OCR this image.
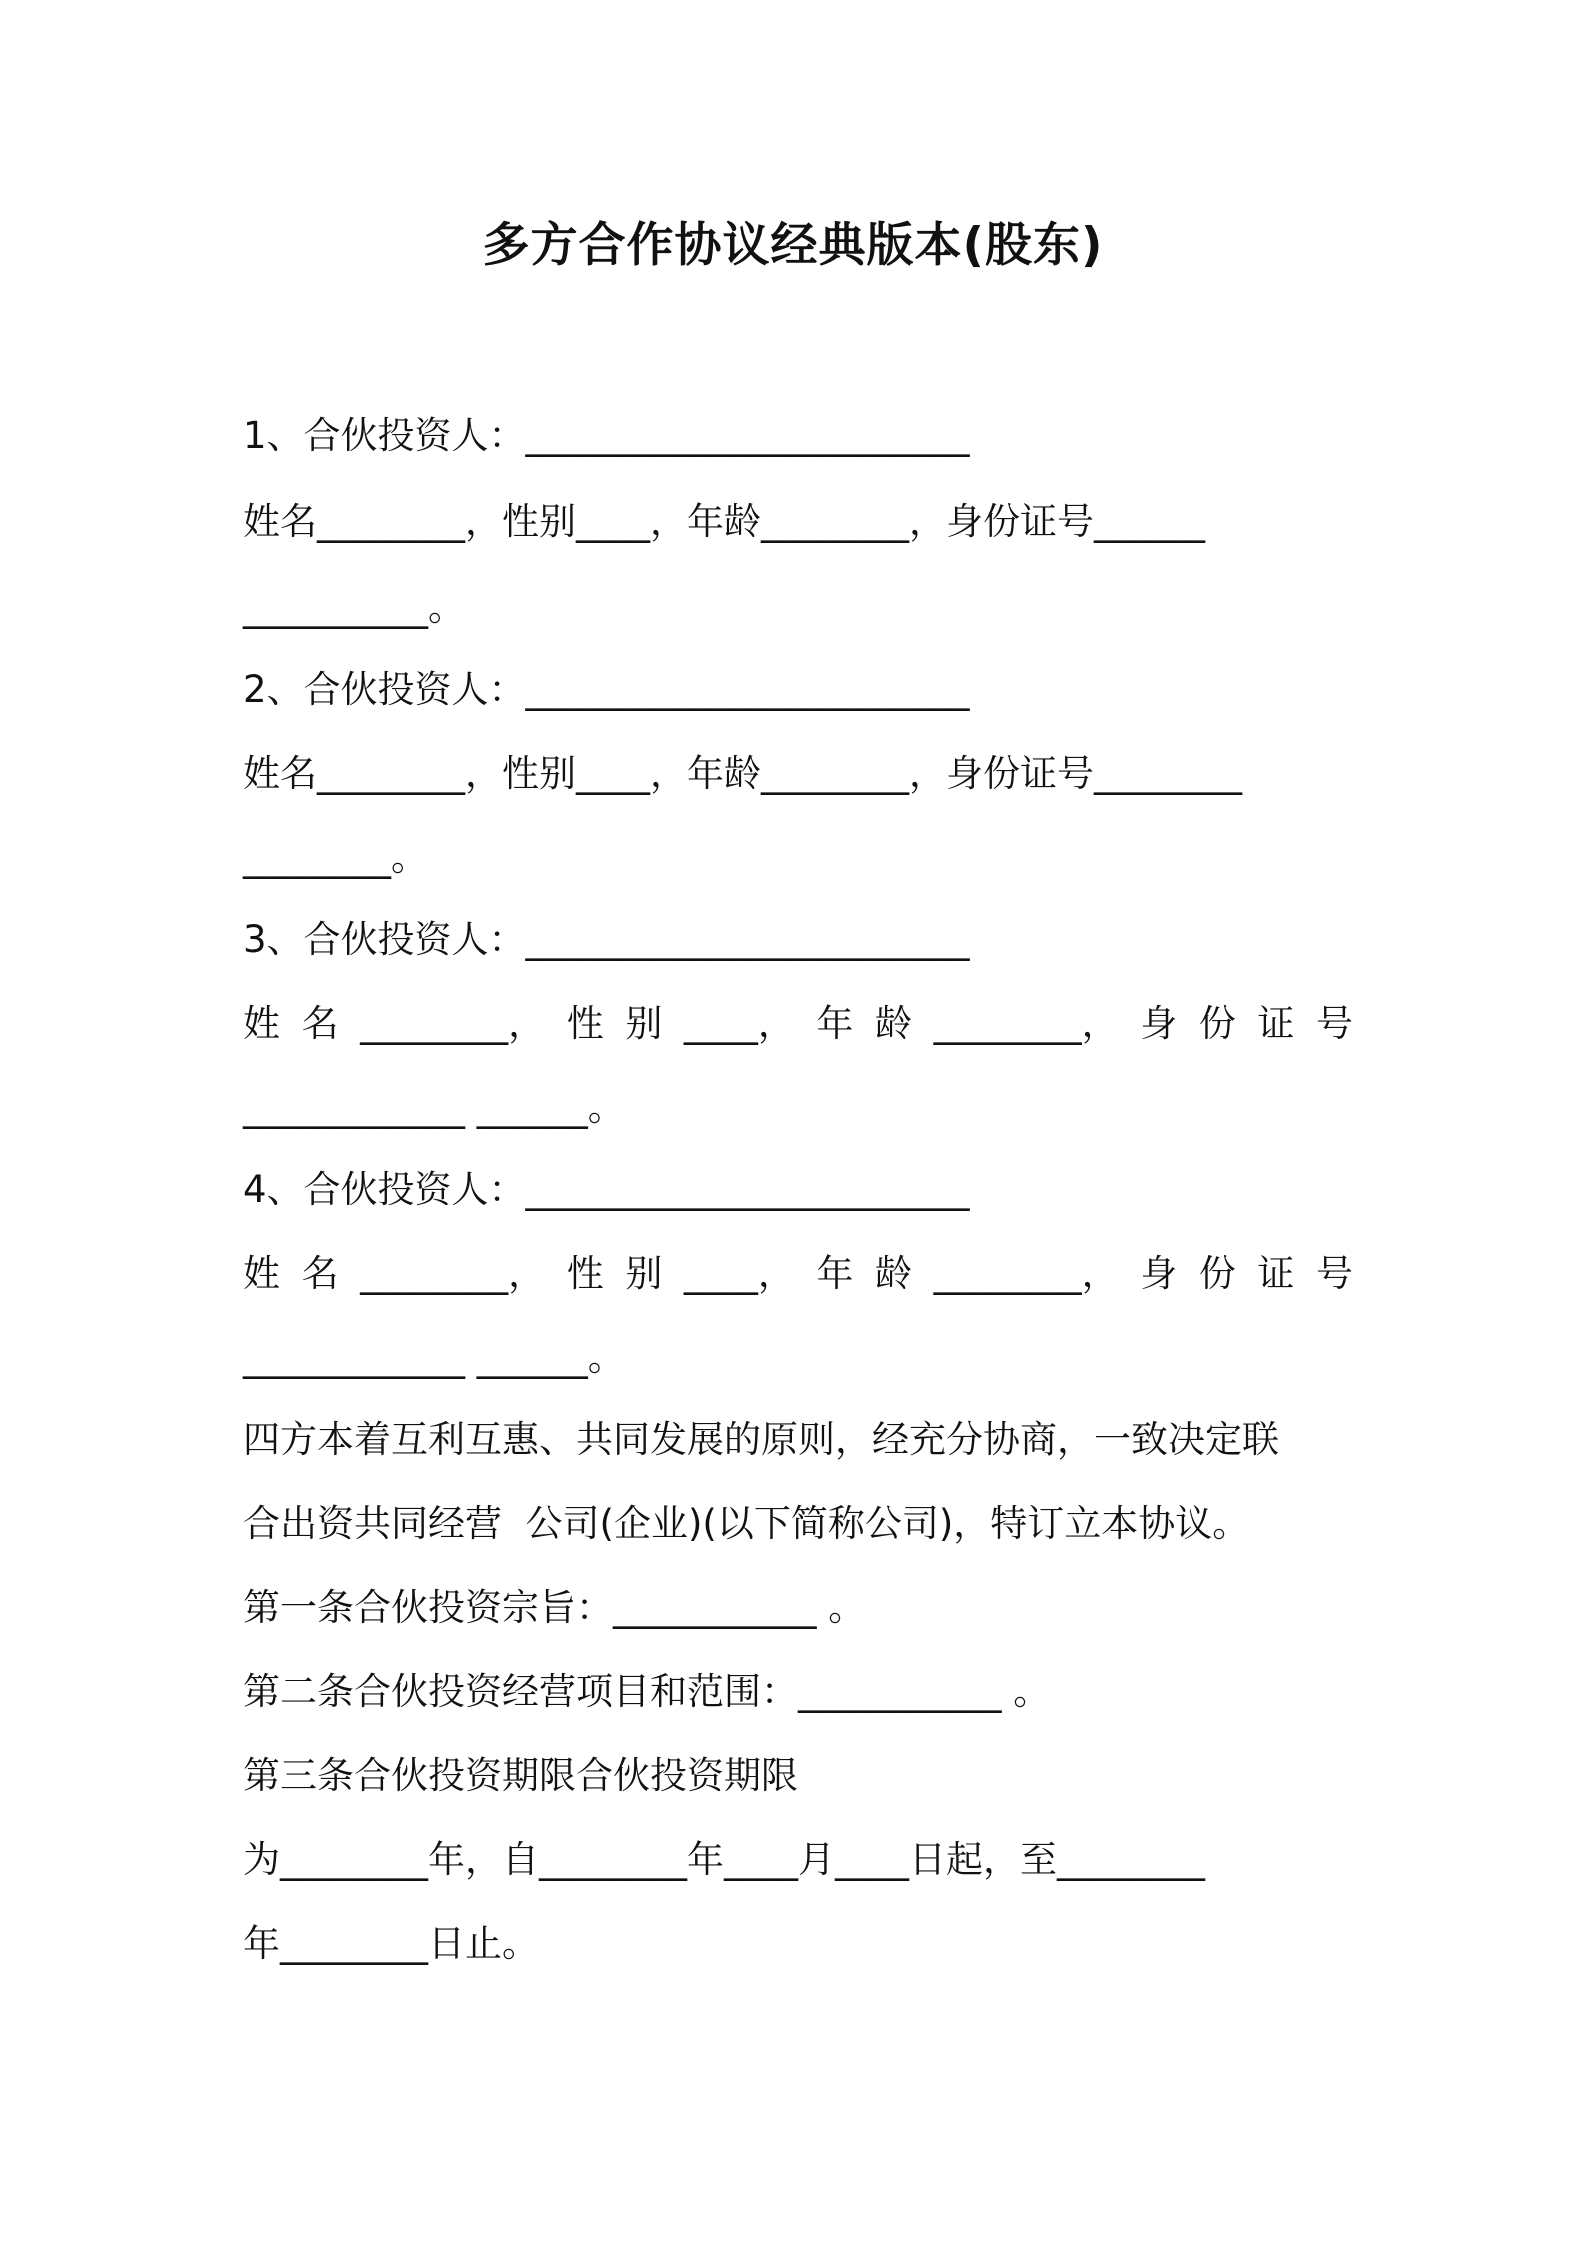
多方合作协议经典版本(股东)
1、合伙投资人：________________________
姓名________，性别____，年龄________，身份证号______
__________。
2、合伙投资人：________________________
姓名________，性别____，年龄________，身份证号________
________。
3、合伙投资人：________________________
姓 名 ________， 性 别 ____， 年 龄 ________， 身 份 证 号
____________ ______。
4、合伙投资人：________________________
姓 名 ________， 性 别 ____， 年 龄 ________， 身 份 证 号
____________ ______。
四方本着互利互惠、共同发展的原则，经充分协商，一致决定联
合出资共同经营  公司(企业)(以下简称公司)，特订立本协议。
第一条合伙投资宗旨：___________ 。
第二条合伙投资经营项目和范围：___________ 。
第三条合伙投资期限合伙投资期限
为________年，自________年____月____日起，至________
年________日止。
